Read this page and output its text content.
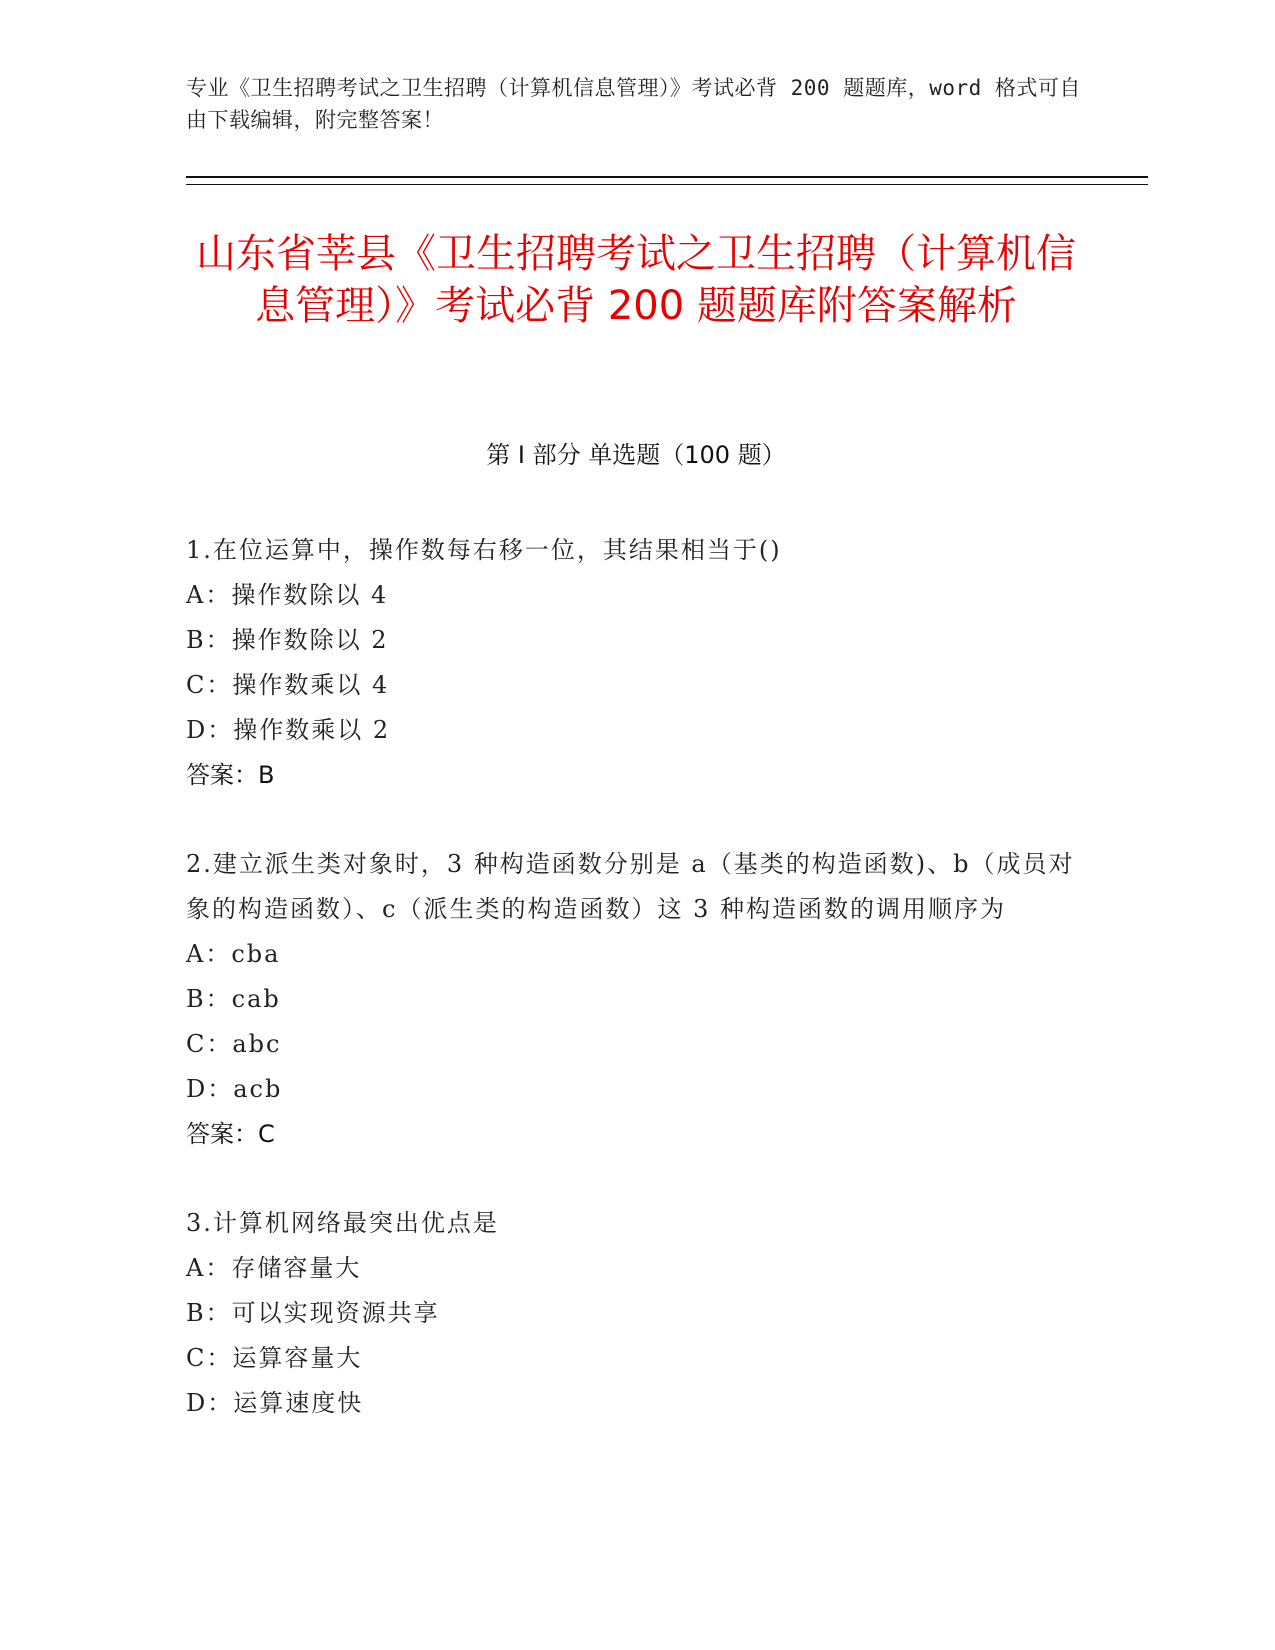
专业《卫生招聘考试之卫生招聘（计算机信息管理）》考试必背 200 题题库，word 格式可自由下载编辑，附完整答案！
山东省莘县《卫生招聘考试之卫生招聘（计算机信息管理）》考试必背 200 题题库附答案解析
第 I 部分 单选题（100 题）

1.在位运算中，操作数每右移一位，其结果相当于()

A：操作数除以 4

B：操作数除以 2

C：操作数乘以 4

D：操作数乘以 2

答案：B

2.建立派生类对象时，3 种构造函数分别是 a（基类的构造函数)、b（成员对象的构造函数）、c（派生类的构造函数）这 3 种构造函数的调用顺序为

A：cba

B：cab

C：abc

D：acb

答案：C

3.计算机网络最突出优点是

A：存储容量大

B：可以实现资源共享

C：运算容量大

D：运算速度快
